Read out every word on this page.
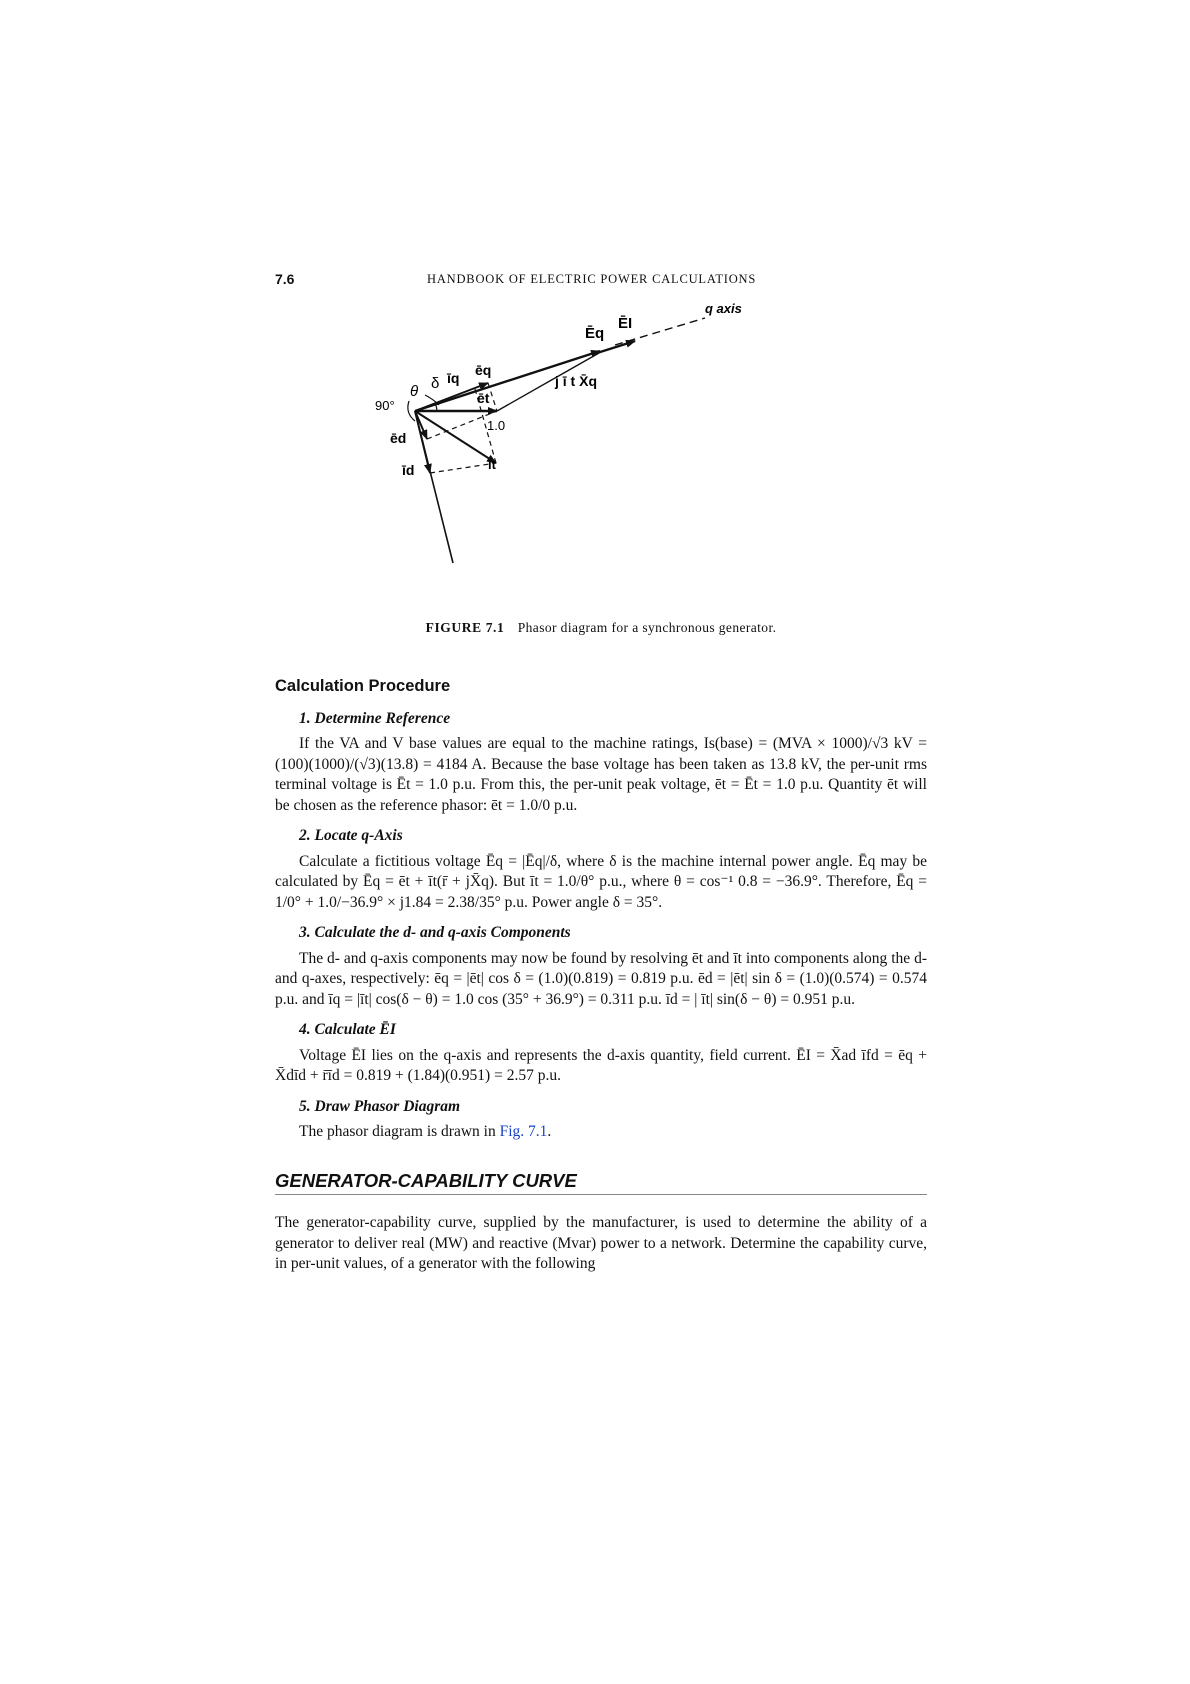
7.6	HANDBOOK OF ELECTRIC POWER CALCULATIONS
q axis
Ēq
ĒI
j ī t X̄q
ēq
ēt
īq
δ
θ
90°
ēd
1.0
īt
īd
FIGURE 7.1 Phasor diagram for a synchronous generator.
Calculation Procedure
1. Determine Reference

If the VA and V base values are equal to the machine ratings, Is(base) = (MVA × 1000)/√3 kV = (100)(1000)/(√3)(13.8) = 4184 A. Because the base voltage has been taken as 13.8 kV, the per-unit rms terminal voltage is Ēt = 1.0 p.u. From this, the per-unit peak voltage, ēt = Ēt = 1.0 p.u. Quantity ēt will be chosen as the reference phasor: ēt = 1.0/0 p.u.

2. Locate q-Axis

Calculate a fictitious voltage Ēq = |Ēq|/δ, where δ is the machine internal power angle. Ēq may be calculated by Ēq = ēt + īt(r̄ + jX̄q). But īt = 1.0/θ° p.u., where θ = cos⁻¹ 0.8 = −36.9°. Therefore, Ēq = 1/0° + 1.0/−36.9° × j1.84 = 2.38/35° p.u. Power angle δ = 35°.

3. Calculate the d- and q-axis Components

The d- and q-axis components may now be found by resolving ēt and īt into components along the d- and q-axes, respectively: ēq = |ēt| cos δ = (1.0)(0.819) = 0.819 p.u. ēd = |ēt| sin δ = (1.0)(0.574) = 0.574 p.u. and īq = |īt| cos(δ − θ) = 1.0 cos (35° + 36.9°) = 0.311 p.u. īd = | īt| sin(δ − θ) = 0.951 p.u.

4. Calculate ĒI

Voltage ĒI lies on the q-axis and represents the d-axis quantity, field current. ĒI = X̄ad īfd = ēq + X̄dīd + r̄īd = 0.819 + (1.84)(0.951) = 2.57 p.u.

5. Draw Phasor Diagram

The phasor diagram is drawn in Fig. 7.1.

GENERATOR-CAPABILITY CURVE

The generator-capability curve, supplied by the manufacturer, is used to determine the ability of a generator to deliver real (MW) and reactive (Mvar) power to a network. Determine the capability curve, in per-unit values, of a generator with the following
